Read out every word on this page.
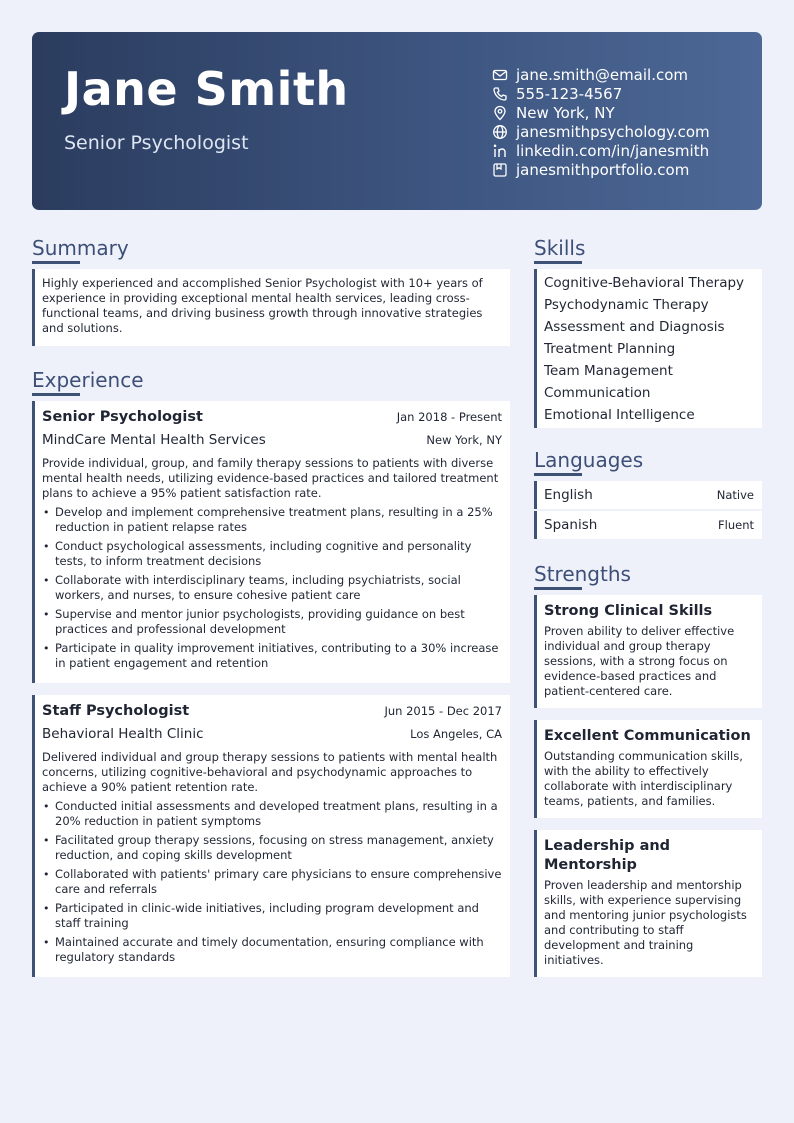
Jane Smith
Senior Psychologist
jane.smith@email.com
555-123-4567
New York, NY
janesmithpsychology.com
linkedin.com/in/janesmith
janesmithportfolio.com
Summary
Highly experienced and accomplished Senior Psychologist with 10+ years of experience in providing exceptional mental health services, leading cross-functional teams, and driving business growth through innovative strategies and solutions.
Experience
Senior Psychologist	Jan 2018 - Present
MindCare Mental Health Services	New York, NY
Provide individual, group, and family therapy sessions to patients with diverse mental health needs, utilizing evidence-based practices and tailored treatment plans to achieve a 95% patient satisfaction rate.
• Develop and implement comprehensive treatment plans, resulting in a 25% reduction in patient relapse rates
• Conduct psychological assessments, including cognitive and personality tests, to inform treatment decisions
• Collaborate with interdisciplinary teams, including psychiatrists, social workers, and nurses, to ensure cohesive patient care
• Supervise and mentor junior psychologists, providing guidance on best practices and professional development
• Participate in quality improvement initiatives, contributing to a 30% increase in patient engagement and retention
Staff Psychologist	Jun 2015 - Dec 2017
Behavioral Health Clinic	Los Angeles, CA
Delivered individual and group therapy sessions to patients with mental health concerns, utilizing cognitive-behavioral and psychodynamic approaches to achieve a 90% patient retention rate.
• Conducted initial assessments and developed treatment plans, resulting in a 20% reduction in patient symptoms
• Facilitated group therapy sessions, focusing on stress management, anxiety reduction, and coping skills development
• Collaborated with patients' primary care physicians to ensure comprehensive care and referrals
• Participated in clinic-wide initiatives, including program development and staff training
• Maintained accurate and timely documentation, ensuring compliance with regulatory standards
Skills
Cognitive-Behavioral Therapy
Psychodynamic Therapy
Assessment and Diagnosis
Treatment Planning
Team Management
Communication
Emotional Intelligence
Languages
English	Native
Spanish	Fluent
Strengths
Strong Clinical Skills
Proven ability to deliver effective individual and group therapy sessions, with a strong focus on evidence-based practices and patient-centered care.
Excellent Communication
Outstanding communication skills, with the ability to effectively collaborate with interdisciplinary teams, patients, and families.
Leadership and Mentorship
Proven leadership and mentorship skills, with experience supervising and mentoring junior psychologists and contributing to staff development and training initiatives.
